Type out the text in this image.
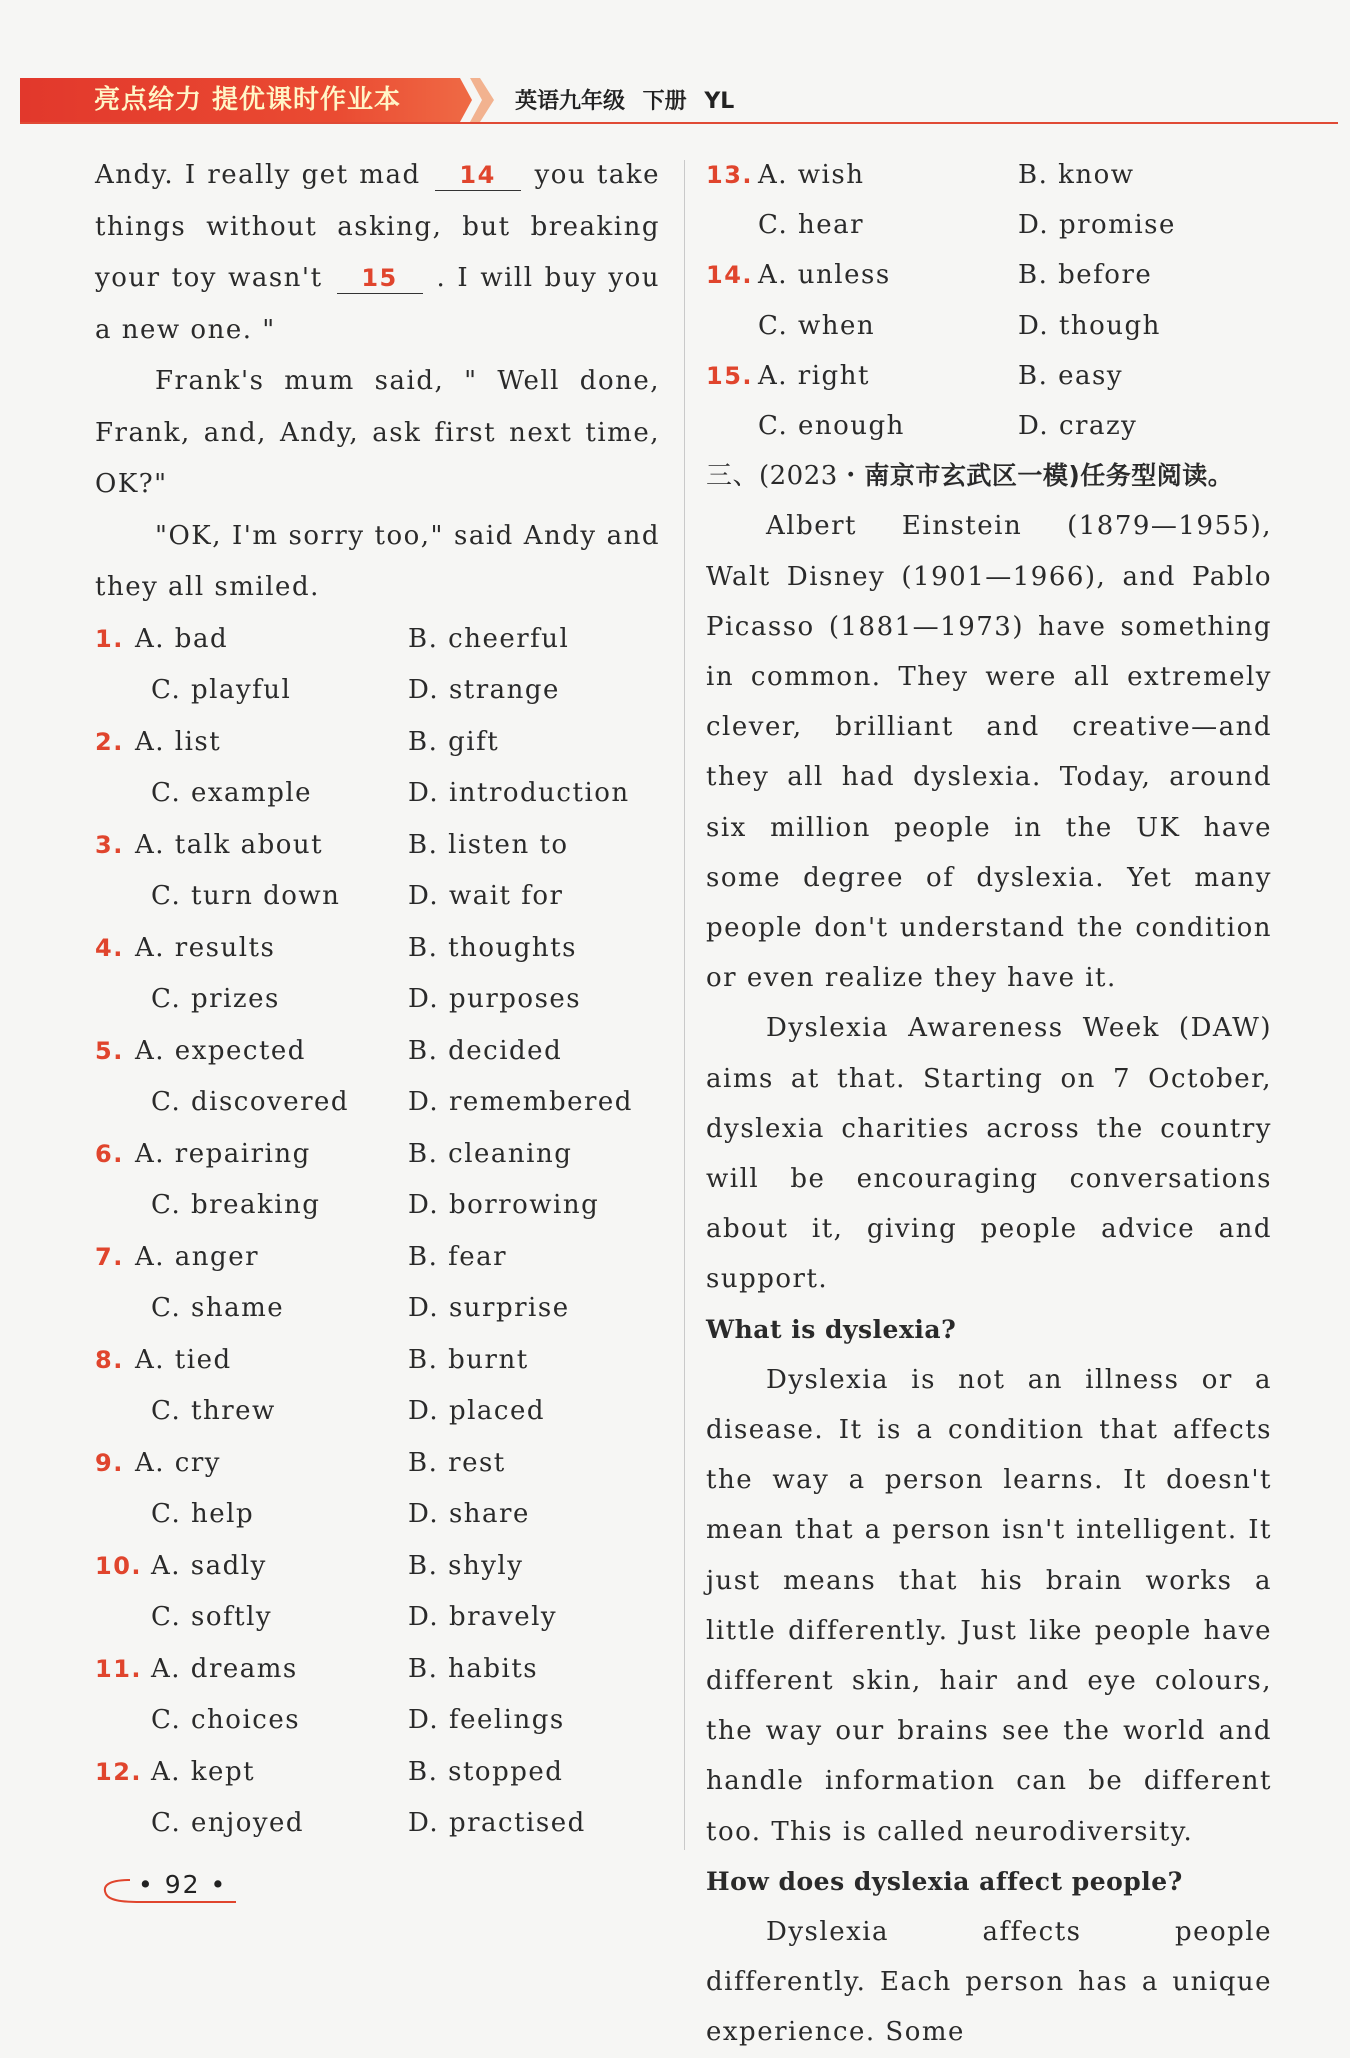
亮点给力 提优课时作业本	英语九年级 下册 YL

Andy. I really get mad 14 you take things without asking, but breaking your toy wasn't 15 . I will buy you a new one. "

Frank's mum said, " Well done, Frank, and, Andy, ask first next time, OK?"

"OK, I'm sorry too," said Andy and they all smiled.

1. A. bad	B. cheerful
C. playful	D. strange
2. A. list	B. gift
C. example	D. introduction
3. A. talk about	B. listen to
C. turn down	D. wait for
4. A. results	B. thoughts
C. prizes	D. purposes
5. A. expected	B. decided
C. discovered D. remembered
6. A. repairing	B. cleaning
C. breaking	D. borrowing
7. A. anger	B. fear
C. shame	D. surprise
8. A. tied	B. burnt
C. threw	D. placed
9. A. cry	B. rest
C. help	D. share
10. A. sadly	B. shyly
C. softly	D. bravely
11. A. dreams	B. habits
C. choices	D. feelings
12. A. kept	B. stopped
C. enjoyed	D. practised
13. A. wish	B. know
C. hear	D. promise
14. A. unless	B. before
C. when	D. though
15. A. right	B. easy
C. enough	D. crazy
三、(2023・南京市玄武区一模)任务型阅读。

Albert Einstein (1879—1955), Walt Disney (1901—1966), and Pablo Picasso (1881—1973) have something in common. They were all extremely clever, brilliant and creative—and they all had dyslexia. Today, around six million people in the UK have some degree of dyslexia. Yet many people don't understand the condition or even realize they have it.

Dyslexia Awareness Week (DAW) aims at that. Starting on 7 October, dyslexia charities across the country will be encouraging conversations about it, giving people advice and support.

What is dyslexia?

Dyslexia is not an illness or a disease. It is a condition that affects the way a person learns. It doesn't mean that a person isn't intelligent. It just means that his brain works a little differently. Just like people have different skin, hair and eye colours, the way our brains see the world and handle information can be different too. This is called neurodiversity.

How does dyslexia affect people?

Dyslexia affects people differently. Each person has a unique experience. Some

• 92 •
